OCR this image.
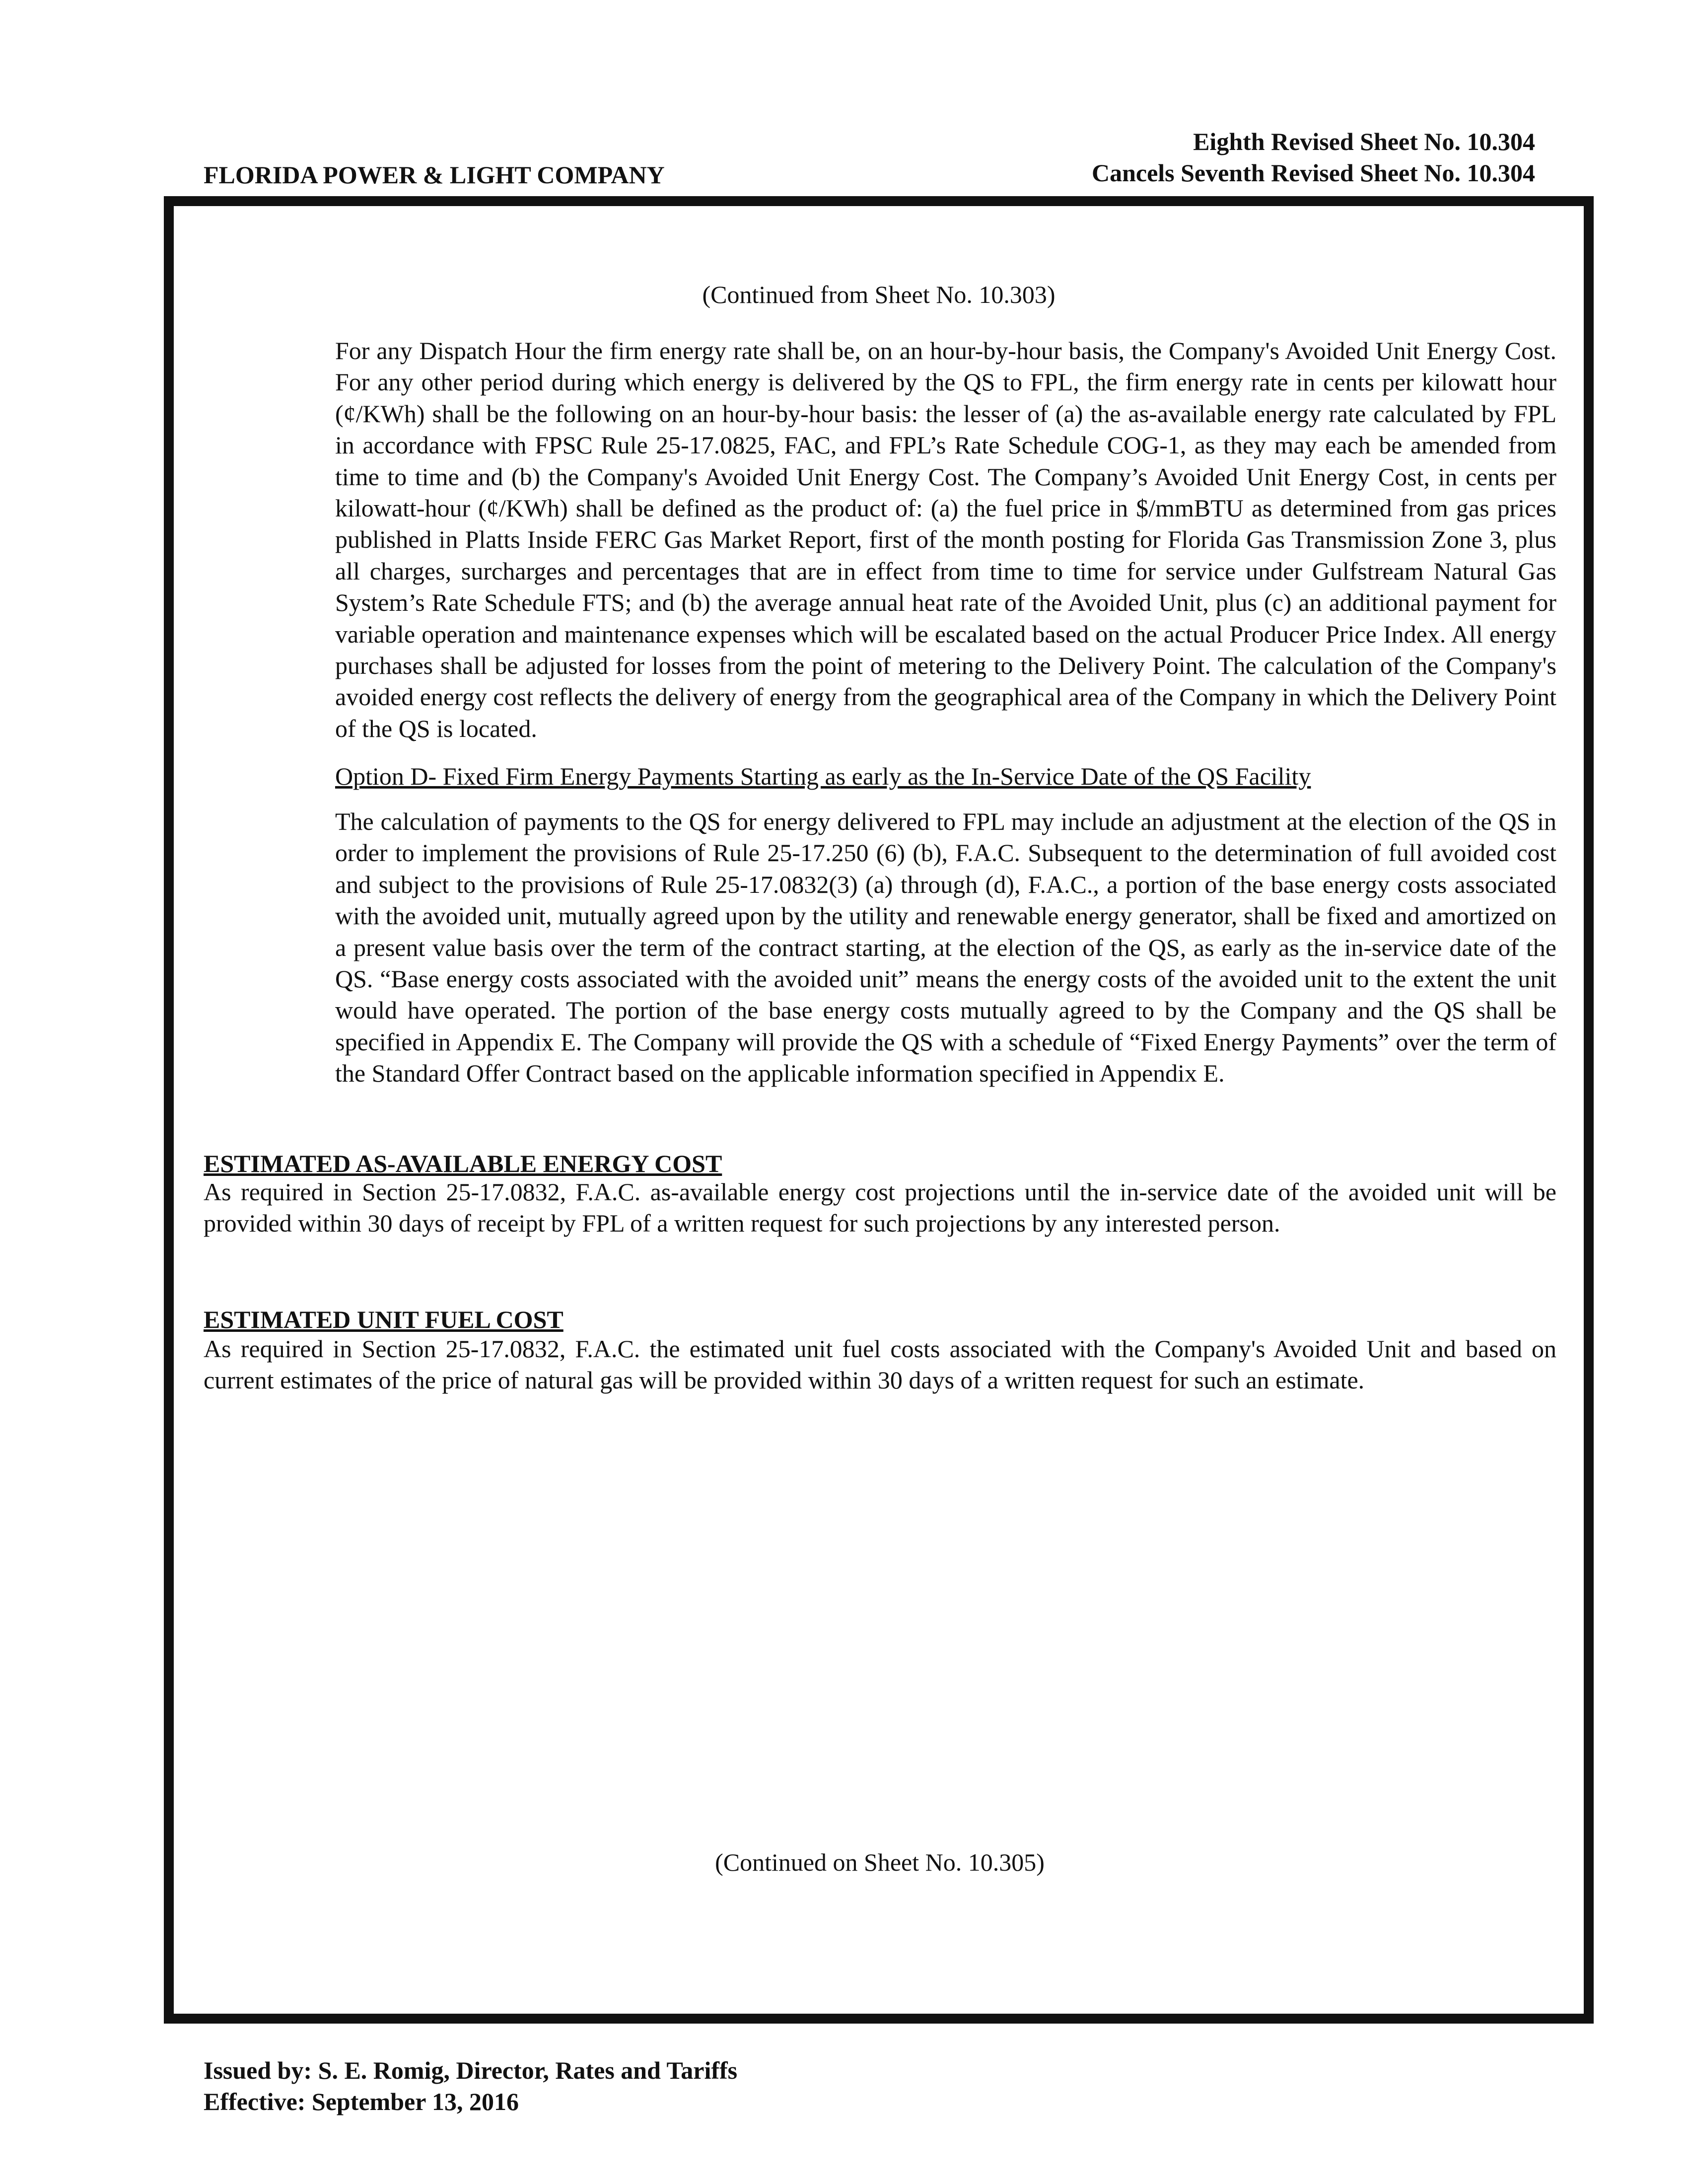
FLORIDA POWER & LIGHT COMPANY
Eighth Revised Sheet No. 10.304
Cancels Seventh Revised Sheet No. 10.304
(Continued from Sheet No. 10.303)
For any Dispatch Hour the firm energy rate shall be, on an hour-by-hour basis, the Company's Avoided Unit Energy Cost. For any other period during which energy is delivered by the QS to FPL, the firm energy rate in cents per kilowatt hour (¢/KWh) shall be the following on an hour-by-hour basis: the lesser of (a) the as-available energy rate calculated by FPL in accordance with FPSC Rule 25-17.0825, FAC, and FPL’s Rate Schedule COG-1, as they may each be amended from time to time and (b) the Company's Avoided Unit Energy Cost. The Company’s Avoided Unit Energy Cost, in cents per kilowatt-hour (¢/KWh) shall be defined as the product of: (a) the fuel price in $/mmBTU as determined from gas prices published in Platts Inside FERC Gas Market Report, first of the month posting for Florida Gas Transmission Zone 3, plus all charges, surcharges and percentages that are in effect from time to time for service under Gulfstream Natural Gas System’s Rate Schedule FTS; and (b) the average annual heat rate of the Avoided Unit, plus (c) an additional payment for variable operation and maintenance expenses which will be escalated based on the actual Producer Price Index. All energy purchases shall be adjusted for losses from the point of metering to the Delivery Point. The calculation of the Company's avoided energy cost reflects the delivery of energy from the geographical area of the Company in which the Delivery Point of the QS is located.
Option D- Fixed Firm Energy Payments Starting as early as the In-Service Date of the QS Facility
The calculation of payments to the QS for energy delivered to FPL may include an adjustment at the election of the QS in order to implement the provisions of Rule 25-17.250 (6) (b), F.A.C. Subsequent to the determination of full avoided cost and subject to the provisions of Rule 25-17.0832(3) (a) through (d), F.A.C., a portion of the base energy costs associated with the avoided unit, mutually agreed upon by the utility and renewable energy generator, shall be fixed and amortized on a present value basis over the term of the contract starting, at the election of the QS, as early as the in-service date of the QS. “Base energy costs associated with the avoided unit” means the energy costs of the avoided unit to the extent the unit would have operated. The portion of the base energy costs mutually agreed to by the Company and the QS shall be specified in Appendix E. The Company will provide the QS with a schedule of “Fixed Energy Payments” over the term of the Standard Offer Contract based on the applicable information specified in Appendix E.
ESTIMATED AS-AVAILABLE ENERGY COST
As required in Section 25-17.0832, F.A.C. as-available energy cost projections until the in-service date of the avoided unit will be provided within 30 days of receipt by FPL of a written request for such projections by any interested person.
ESTIMATED UNIT FUEL COST
As required in Section 25-17.0832, F.A.C. the estimated unit fuel costs associated with the Company's Avoided Unit and based on current estimates of the price of natural gas will be provided within 30 days of a written request for such an estimate.
(Continued on Sheet No. 10.305)
Issued by: S. E. Romig, Director, Rates and Tariffs
Effective: September 13, 2016
